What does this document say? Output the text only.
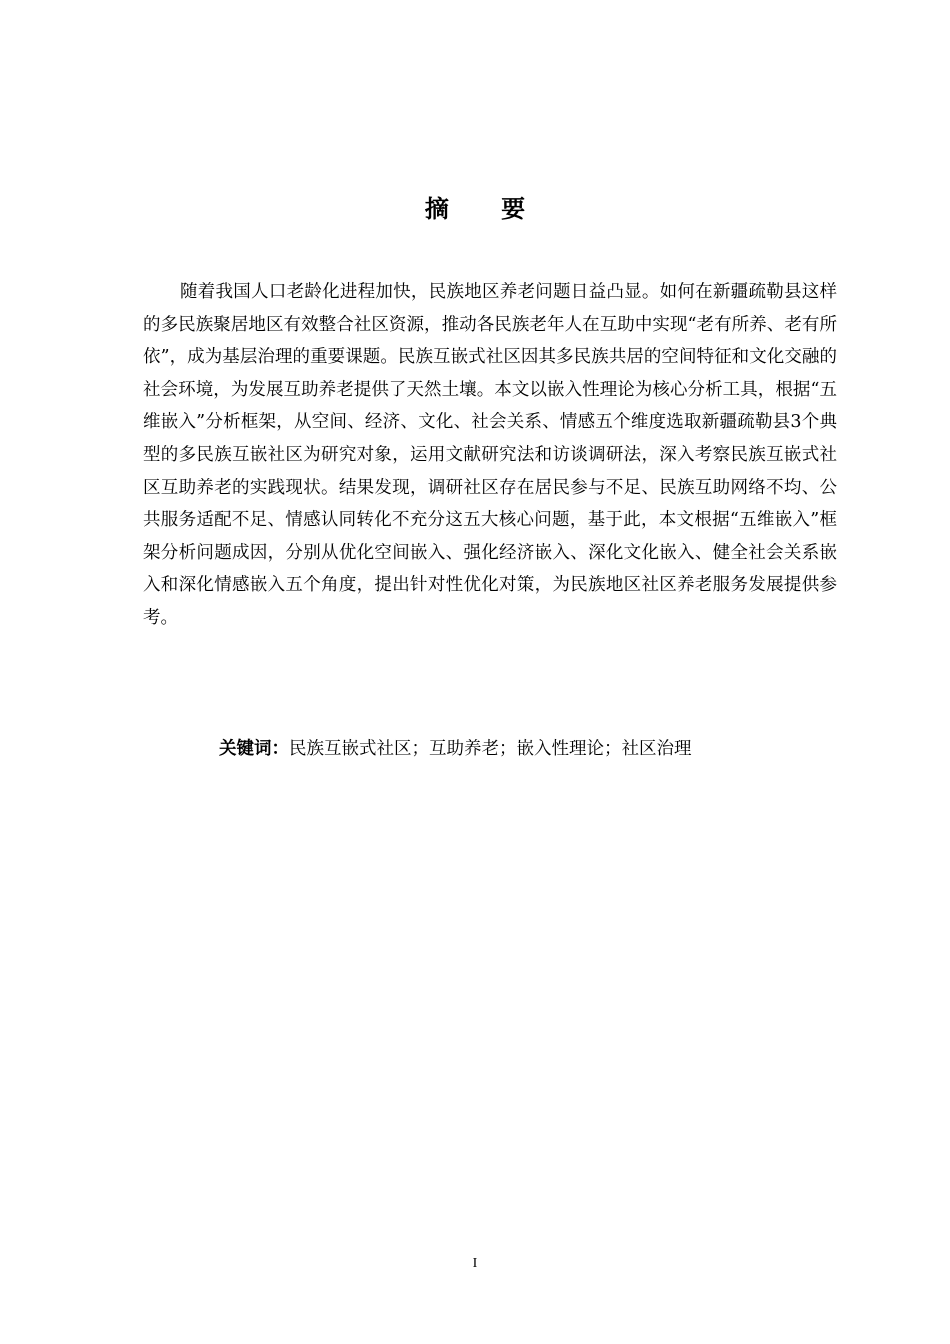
摘 要

随着我国人口老龄化进程加快，民族地区养老问题日益凸显。如何在新疆疏勒县这样的多民族聚居地区有效整合社区资源，推动各民族老年人在互助中实现“老有所养、老有所依”，成为基层治理的重要课题。民族互嵌式社区因其多民族共居的空间特征和文化交融的社会环境，为发展互助养老提供了天然土壤。本文以嵌入性理论为核心分析工具，根据“五维嵌入”分析框架，从空间、经济、文化、社会关系、情感五个维度选取新疆疏勒县3个典型的多民族互嵌社区为研究对象，运用文献研究法和访谈调研法，深入考察民族互嵌式社区互助养老的实践现状。结果发现，调研社区存在居民参与不足、民族互助网络不均、公共服务适配不足、情感认同转化不充分这五大核心问题，基于此，本文根据“五维嵌入”框架分析问题成因，分别从优化空间嵌入、强化经济嵌入、深化文化嵌入、健全社会关系嵌入和深化情感嵌入五个角度，提出针对性优化对策，为民族地区社区养老服务发展提供参考。

关键词：民族互嵌式社区；互助养老；嵌入性理论；社区治理
I
